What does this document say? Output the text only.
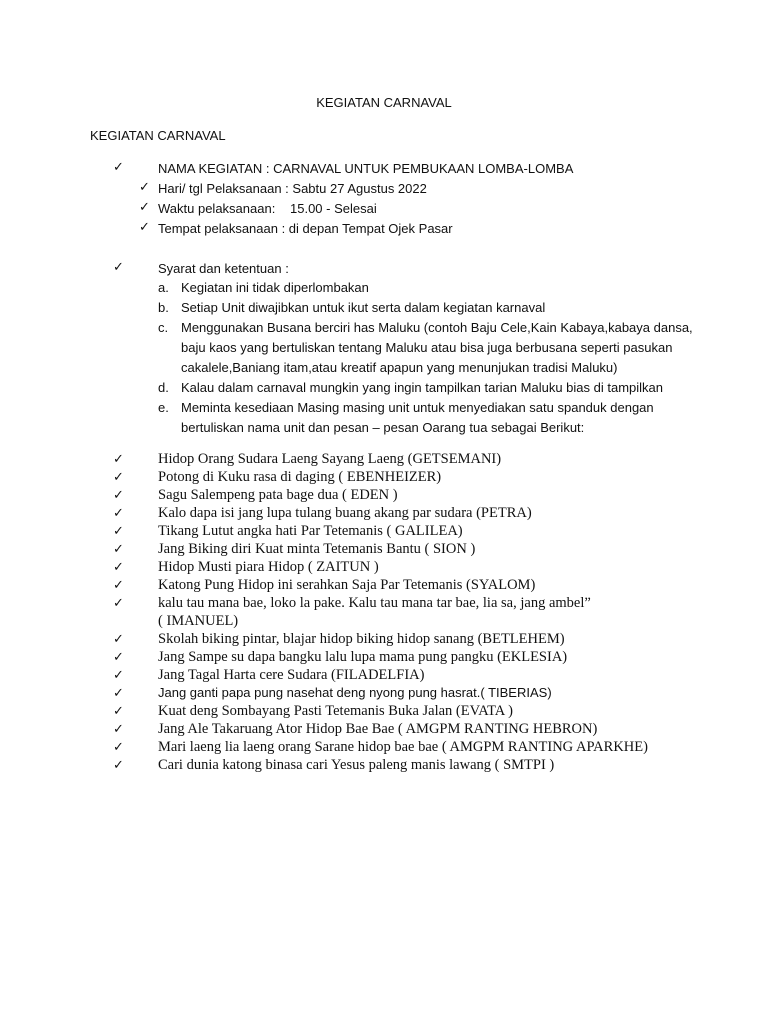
KEGIATAN CARNAVAL
KEGIATAN CARNAVAL
✓	NAMA KEGIATAN : CARNAVAL UNTUK PEMBUKAAN LOMBA-LOMBA
✓ Hari/ tgl Pelaksanaan : Sabtu 27 Agustus 2022
✓ Waktu pelaksanaan: 15.00 - Selesai
✓ Tempat pelaksanaan : di depan Tempat Ojek Pasar
✓	Syarat dan ketentuan :
a. Kegiatan ini tidak diperlombakan
b. Setiap Unit diwajibkan untuk ikut serta dalam kegiatan karnaval
c. Menggunakan Busana berciri has Maluku (contoh Baju Cele,Kain Kabaya,kabaya dansa,
baju kaos yang bertuliskan tentang Maluku atau bisa juga berbusana seperti pasukan
cakalele,Baniang itam,atau kreatif apapun yang menunjukan tradisi Maluku)
d. Kalau dalam carnaval mungkin yang ingin tampilkan tarian Maluku bias di tampilkan
e. Meminta kesediaan Masing masing unit untuk menyediakan satu spanduk dengan
bertuliskan nama unit dan pesan – pesan Oarang tua sebagai Berikut:
✓ Hidop Orang Sudara Laeng Sayang Laeng (GETSEMANI)
✓ Potong di Kuku rasa di daging ( EBENHEIZER)
✓ Sagu Salempeng pata bage dua ( EDEN )
✓ Kalo dapa isi jang lupa tulang buang akang par sudara (PETRA)
✓ Tikang Lutut angka hati Par Tetemanis ( GALILEA)
✓ Jang Biking diri Kuat minta Tetemanis Bantu ( SION )
✓ Hidop Musti piara Hidop ( ZAITUN )
✓ Katong Pung Hidop ini serahkan Saja Par Tetemanis (SYALOM)
✓ kalu tau mana bae, loko la pake. Kalu tau mana tar bae, lia sa, jang ambel”
( IMANUEL)
✓ Skolah biking pintar, blajar hidop biking hidop sanang (BETLEHEM)
✓ Jang Sampe su dapa bangku lalu lupa mama pung pangku (EKLESIA)
✓ Jang Tagal Harta cere Sudara (FILADELFIA)
✓	Jang ganti papa pung nasehat deng nyong pung hasrat.( TIBERIAS)
✓ Kuat deng Sombayang Pasti Tetemanis Buka Jalan (EVATA )
✓ Jang Ale Takaruang Ator Hidop Bae Bae ( AMGPM RANTING HEBRON)
✓ Mari laeng lia laeng orang Sarane hidop bae bae ( AMGPM RANTING APARKHE)
✓ Cari dunia katong binasa cari Yesus paleng manis lawang ( SMTPI )
